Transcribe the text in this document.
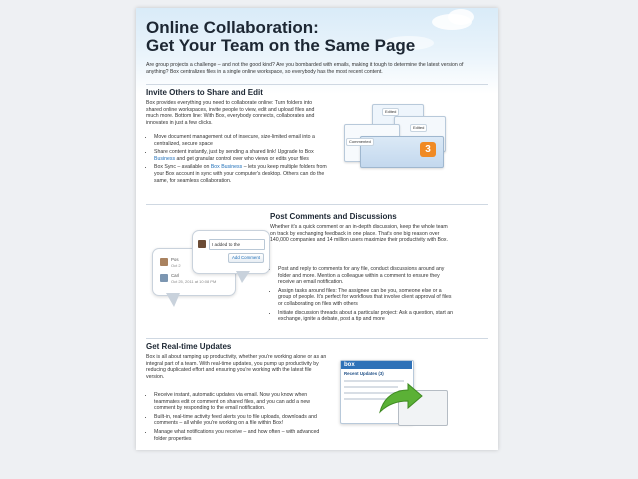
Online Collaboration:
Get Your Team on the Same Page
Are group projects a challenge – and not the good kind? Are you bombarded with emails, making it tough to determine the latest version of anything? Box centralizes files in a single online workspace, so everybody has the most recent content.
Invite Others to Share and Edit
Box provides everything you need to collaborate online: Turn folders into shared online workspaces, invite people to view, edit and upload files and much more. Bottom line: With Box, everybody connects, collaborates and innovates in just a few clicks.
• Move document management out of insecure, size-limited email into a centralized, secure space
• Share content instantly, just by sending a shared link! Upgrade to Box Business and get granular control over who views or edits your files
• Box Sync – available on Box Business – lets you keep multiple folders from your Box account in sync with your computer's desktop. Others can do the same, for seamless collaboration.
Edited
Edited
Commented
3
Post Comments and Discussions
Whether it's a quick comment or an in-depth discussion, keep the whole team on track by exchanging feedback in one place. That's one big reason over 140,000 companies and 14 million users maximize their productivity with Box.
• Post and reply to comments for any file, conduct discussions around any folder and more. Mention a colleague within a comment to ensure they receive an email notification.
• Assign tasks around files: The assignee can be you, someone else or a group of people. It's perfect for workflows that involve client approval of files or collaborating on files with others
• Initiate discussion threads about a particular project: Ask a question, start an exchange, ignite a debate, post a tip and more
Pos
Oct 2
Carl
Oct 25, 2011 at 10:08 PM
I added to the
Add Comment
Get Real-time Updates
Box is all about ramping up productivity, whether you're working alone or as an integral part of a team. With real-time updates, you pump up productivity by reducing duplicated effort and ensuring you're working with the latest file version.
• Receive instant, automatic updates via email. Now you know when teammates edit or comment on shared files, and you can add a new comment by responding to the email notification.
• Built-in, real-time activity feed alerts you to file uploads, downloads and comments – all while you're working on a file within Box!
• Manage what notifications you receive – and how often – with advanced folder properties
box
Recent Updates (3)
